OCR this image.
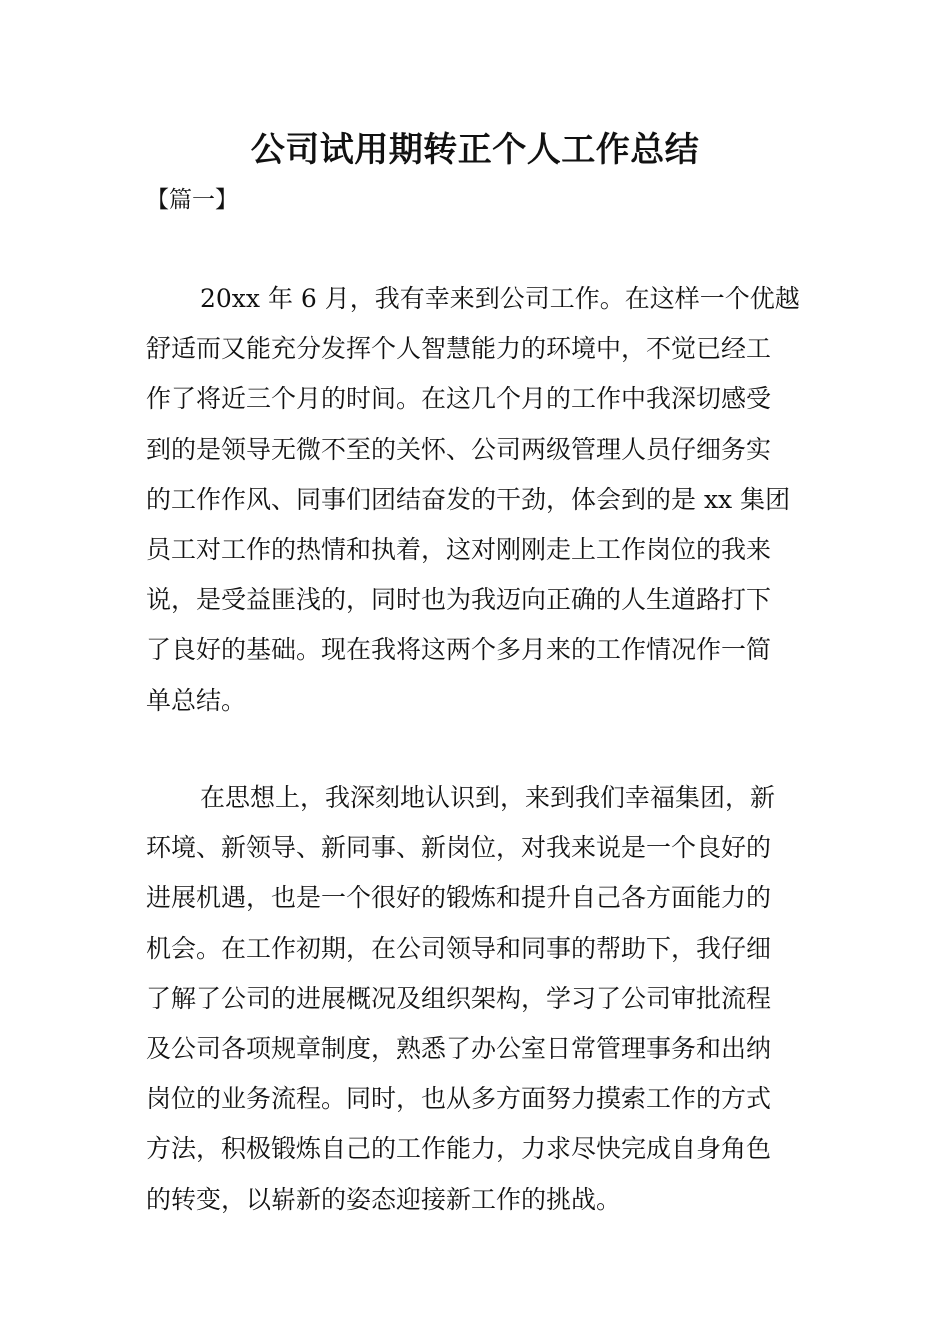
公司试用期转正个人工作总结
【篇一】
20xx 年 6 月，我有幸来到公司工作。在这样一个优越
舒适而又能充分发挥个人智慧能力的环境中，不觉已经工
作了将近三个月的时间。在这几个月的工作中我深切感受
到的是领导无微不至的关怀、公司两级管理人员仔细务实
的工作作风、同事们团结奋发的干劲，体会到的是 xx 集团
员工对工作的热情和执着，这对刚刚走上工作岗位的我来
说，是受益匪浅的，同时也为我迈向正确的人生道路打下
了良好的基础。现在我将这两个多月来的工作情况作一简
单总结。
在思想上，我深刻地认识到，来到我们幸福集团，新
环境、新领导、新同事、新岗位，对我来说是一个良好的
进展机遇，也是一个很好的锻炼和提升自己各方面能力的
机会。在工作初期，在公司领导和同事的帮助下，我仔细
了解了公司的进展概况及组织架构，学习了公司审批流程
及公司各项规章制度，熟悉了办公室日常管理事务和出纳
岗位的业务流程。同时，也从多方面努力摸索工作的方式
方法，积极锻炼自己的工作能力，力求尽快完成自身角色
的转变，以崭新的姿态迎接新工作的挑战。
